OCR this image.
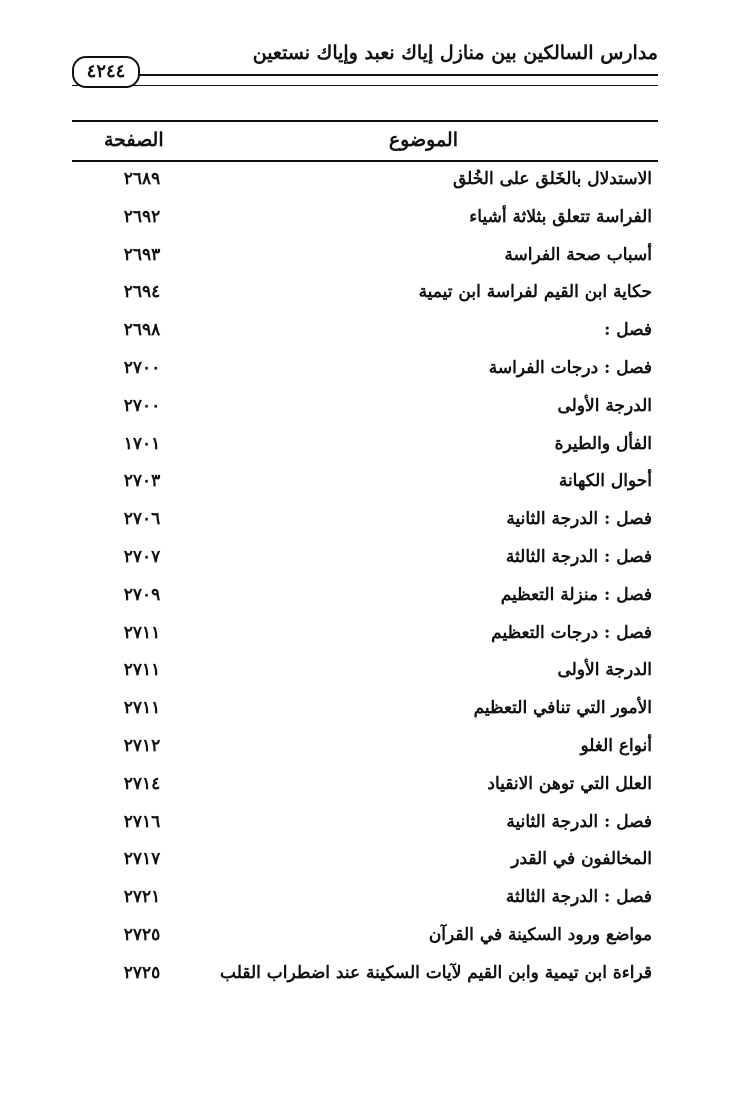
مدارس السالكين بين منازل إياك نعبد وإياك نستعين
٤٢٤٤
الموضوع
الصفحة
الاستدلال بالخَلق على الخُلق
٢٦٨٩
الفراسة تتعلق بثلاثة أشياء
٢٦٩٢
أسباب صحة الفراسة
٢٦٩٣
حكاية ابن القيم لفراسة ابن تيمية
٢٦٩٤
فصل :
٢٦٩٨
فصل : درجات الفراسة
٢٧٠٠
الدرجة الأولى
٢٧٠٠
الفأل والطيرة
١٧٠١
أحوال الكهانة
٢٧٠٣
فصل : الدرجة الثانية
٢٧٠٦
فصل : الدرجة الثالثة
٢٧٠٧
فصل : منزلة التعظيم
٢٧٠٩
فصل : درجات التعظيم
٢٧١١
الدرجة الأولى
٢٧١١
الأمور التي تنافي التعظيم
٢٧١١
أنواع الغلو
٢٧١٢
العلل التي توهن الانقياد
٢٧١٤
فصل : الدرجة الثانية
٢٧١٦
المخالفون في القدر
٢٧١٧
فصل : الدرجة الثالثة
٢٧٢١
مواضع ورود السكينة في القرآن
٢٧٢٥
قراءة ابن تيمية وابن القيم لآيات السكينة عند اضطراب القلب
٢٧٢٥
